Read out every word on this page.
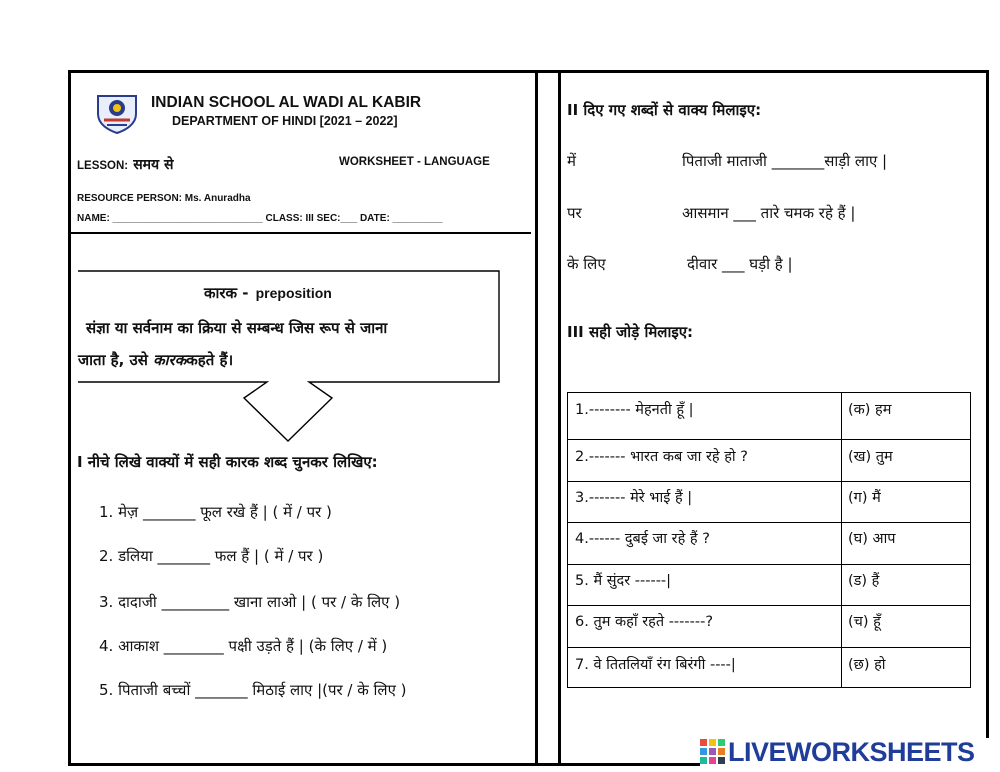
INDIAN SCHOOL AL WADI AL KABIR
DEPARTMENT OF HINDI [2021 – 2022]
LESSON: समय से	WORKSHEET - LANGUAGE
RESOURCE PERSON: Ms. Anuradha
NAME: ___________________________ CLASS: III SEC:___ DATE: _________
कारक - preposition
संज्ञा या सर्वनाम का क्रिया से सम्बन्ध जिस रूप से जाना
जाता है, उसे कारककहते हैं।
I नीचे लिखे वाक्यों में सही कारक शब्द चुनकर लिखिए:
1. मेज़ _______ फूल रखे हैं | ( में / पर )
2. डलिया _______ फल हैं | ( में / पर )
3. दादाजी _________ खाना लाओ | ( पर / के लिए )
4. आकाश ________ पक्षी उड़ते हैं | (के लिए / में )
5. पिताजी बच्चों _______ मिठाई लाए |(पर / के लिए )
II दिए गए शब्दों से वाक्य मिलाइए:
में	पिताजी माताजी _______साड़ी लाए |
पर	आसमान ___ तारे चमक रहे हैं |
के लिए	दीवार ___ घड़ी है |
III सही जोड़े मिलाइए:
1.-------- मेहनती हूँ |	(क) हम
2.------- भारत कब जा रहे हो ?	(ख) तुम
3.------- मेरे भाई हैं |	(ग) मैं
4.------ दुबई जा रहे हैं ?	(घ) आप
5. मैं सुंदर ------|	(ड) हैं
6. तुम कहाँ रहते -------?	(च) हूँ
7. वे तितलियाँ रंग बिरंगी ----|	(छ) हो
LIVEWORKSHEETS
